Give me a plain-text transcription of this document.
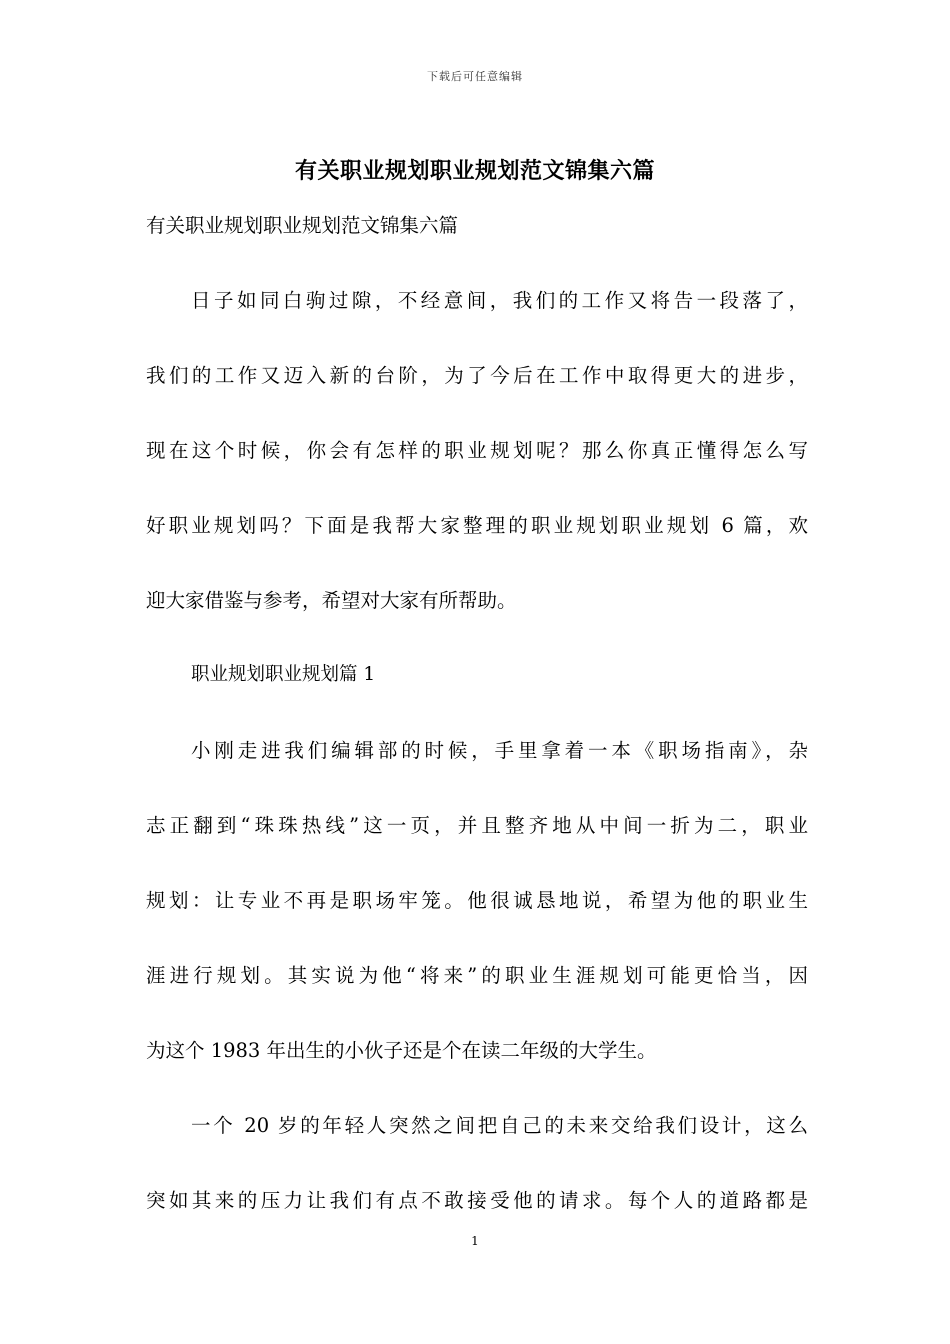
下载后可任意编辑
有关职业规划职业规划范文锦集六篇
有关职业规划职业规划范文锦集六篇
日子如同白驹过隙，不经意间，我们的工作又将告一段落了，
我们的工作又迈入新的台阶，为了今后在工作中取得更大的进步，
现在这个时候，你会有怎样的职业规划呢？那么你真正懂得怎么写
好职业规划吗？下面是我帮大家整理的职业规划职业规划 6 篇，欢
迎大家借鉴与参考，希望对大家有所帮助。
职业规划职业规划篇 1
小刚走进我们编辑部的时候，手里拿着一本《职场指南》，杂
志正翻到“珠珠热线”这一页，并且整齐地从中间一折为二，职业
规划：让专业不再是职场牢笼。他很诚恳地说，希望为他的职业生
涯进行规划。其实说为他“将来”的职业生涯规划可能更恰当，因
为这个 1983 年出生的小伙子还是个在读二年级的大学生。
一个 20 岁的年轻人突然之间把自己的未来交给我们设计，这么
突如其来的压力让我们有点不敢接受他的请求。每个人的道路都是
1
